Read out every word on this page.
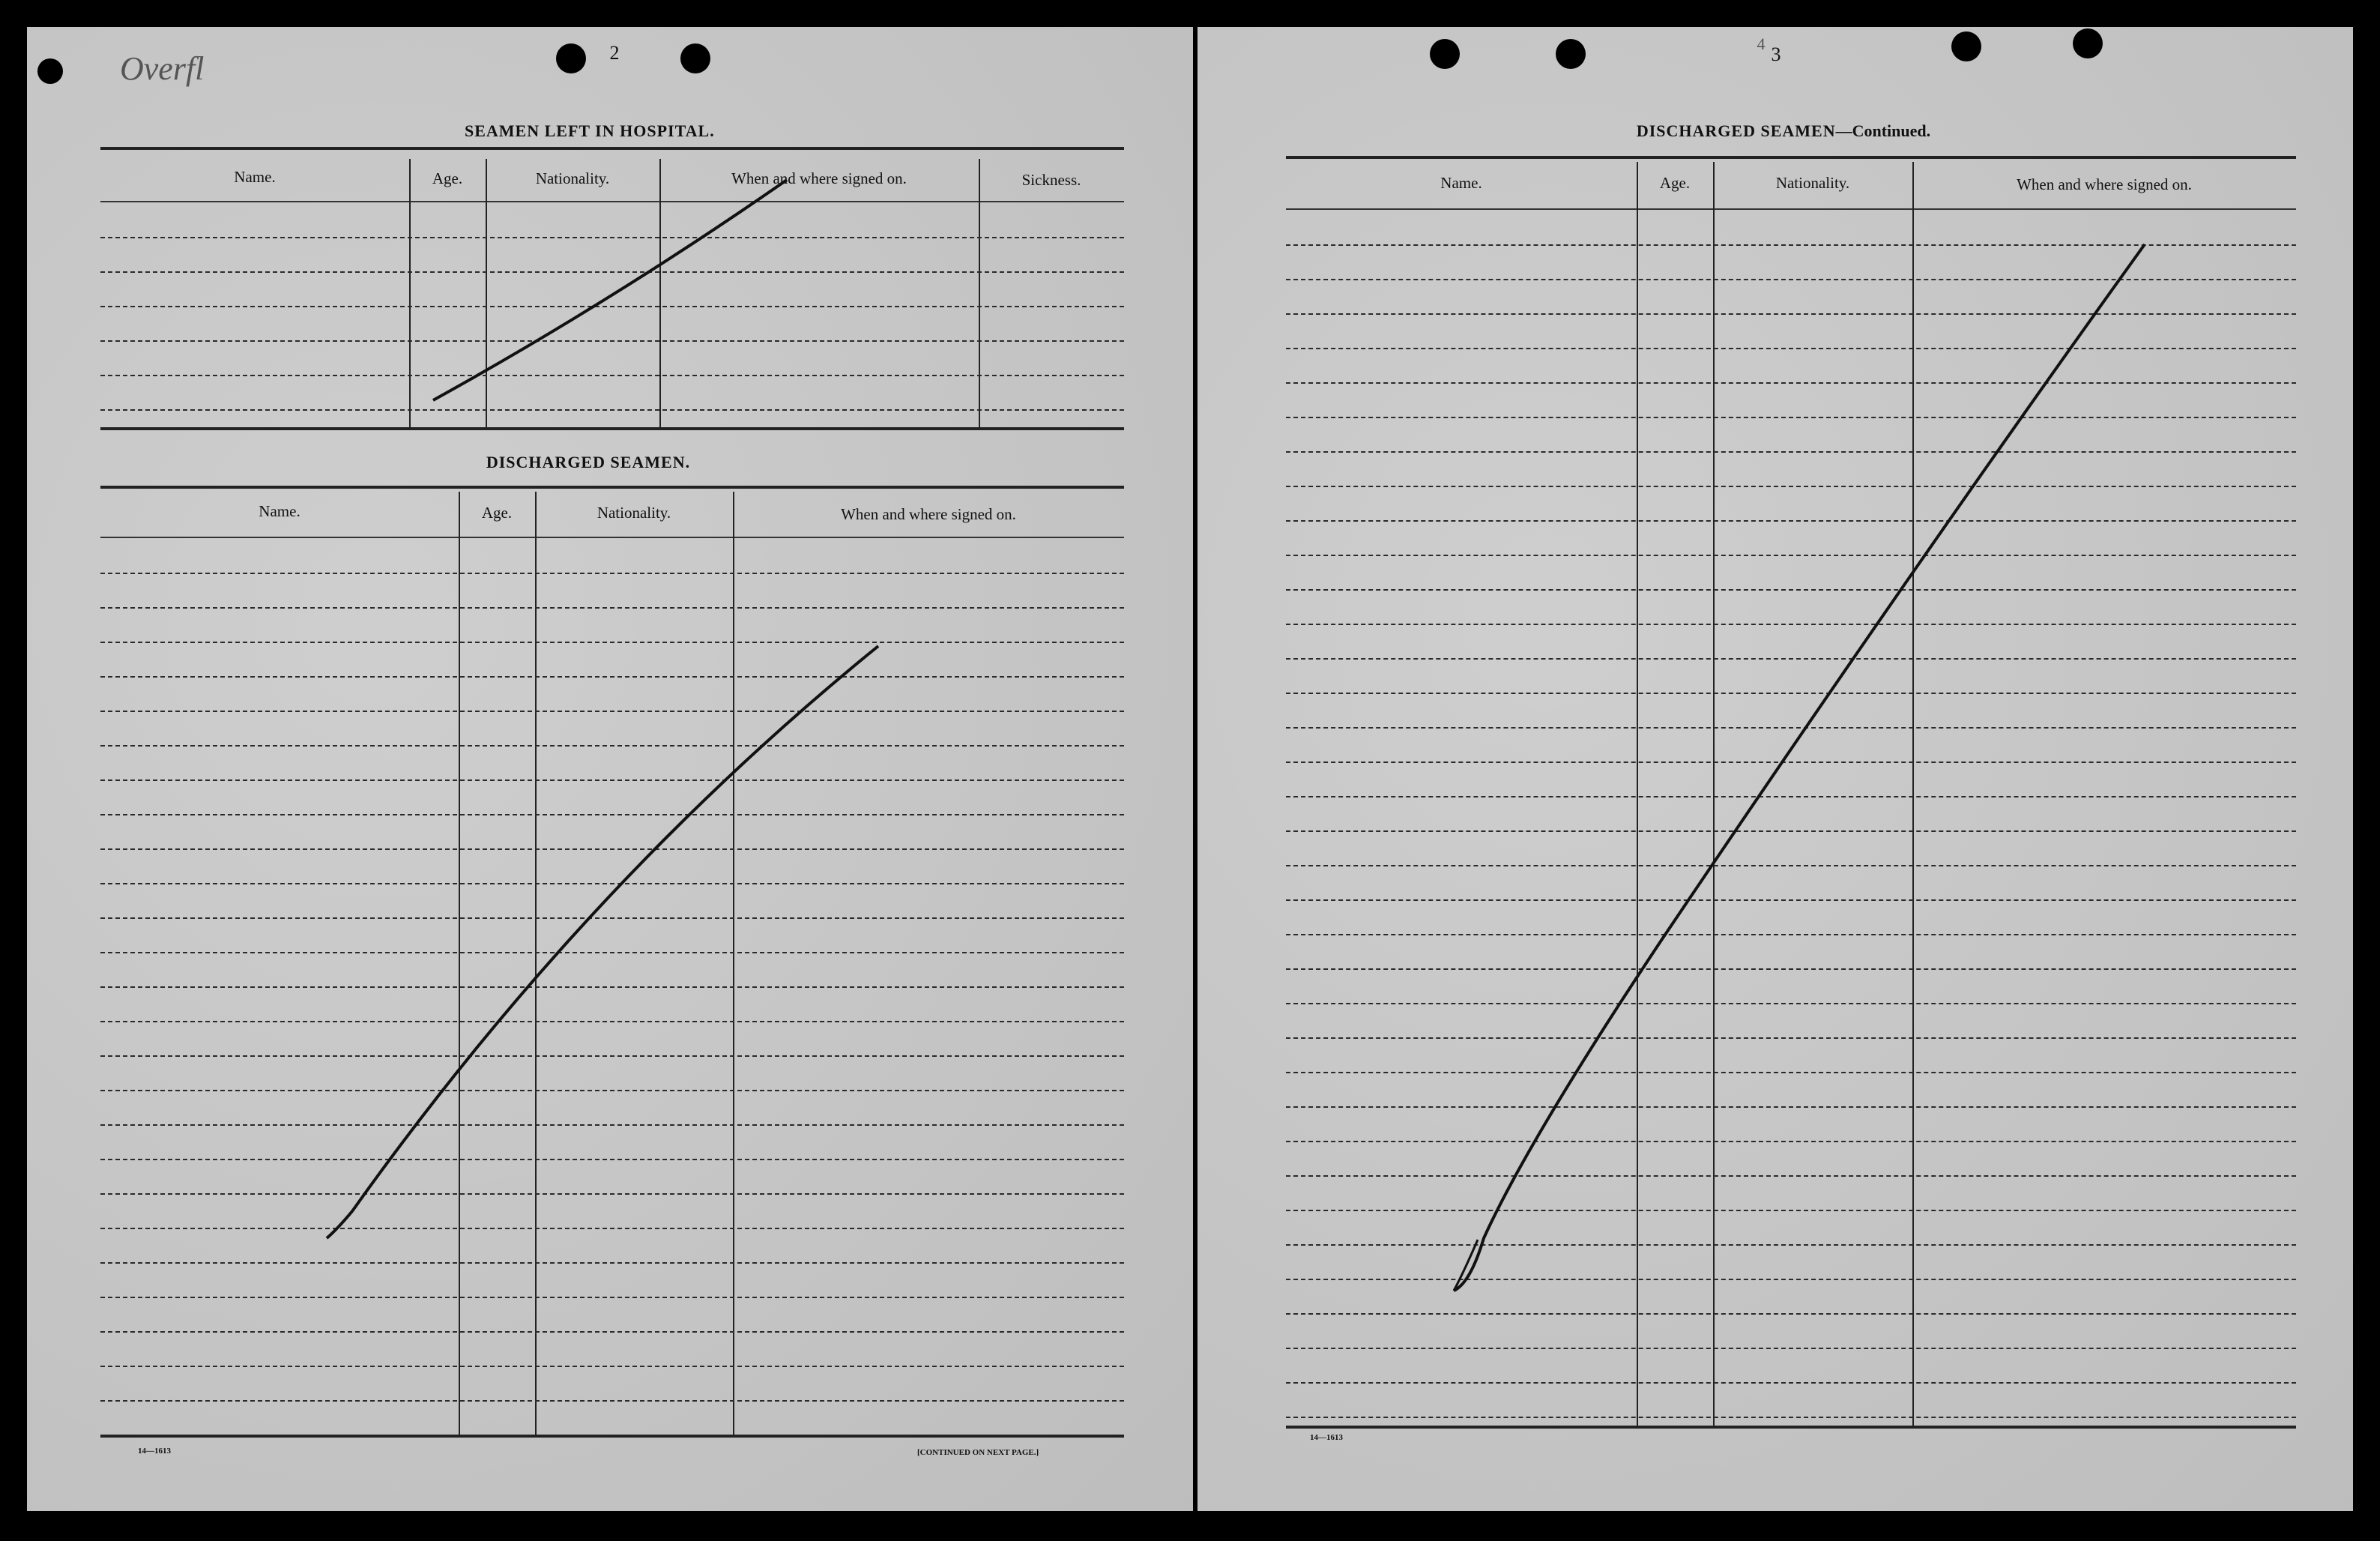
Overfl	2
SEAMEN LEFT IN HOSPITAL.
Name.	Age.	Nationality.	When and where signed on.	Sickness.
DISCHARGED SEAMEN.
Name.	Age.	Nationality.	When and where signed on.
14—1613	[CONTINUED ON NEXT PAGE.]
4 3
DISCHARGED SEAMEN—Continued.
Name.	Age.	Nationality.	When and where signed on.
14—1613
